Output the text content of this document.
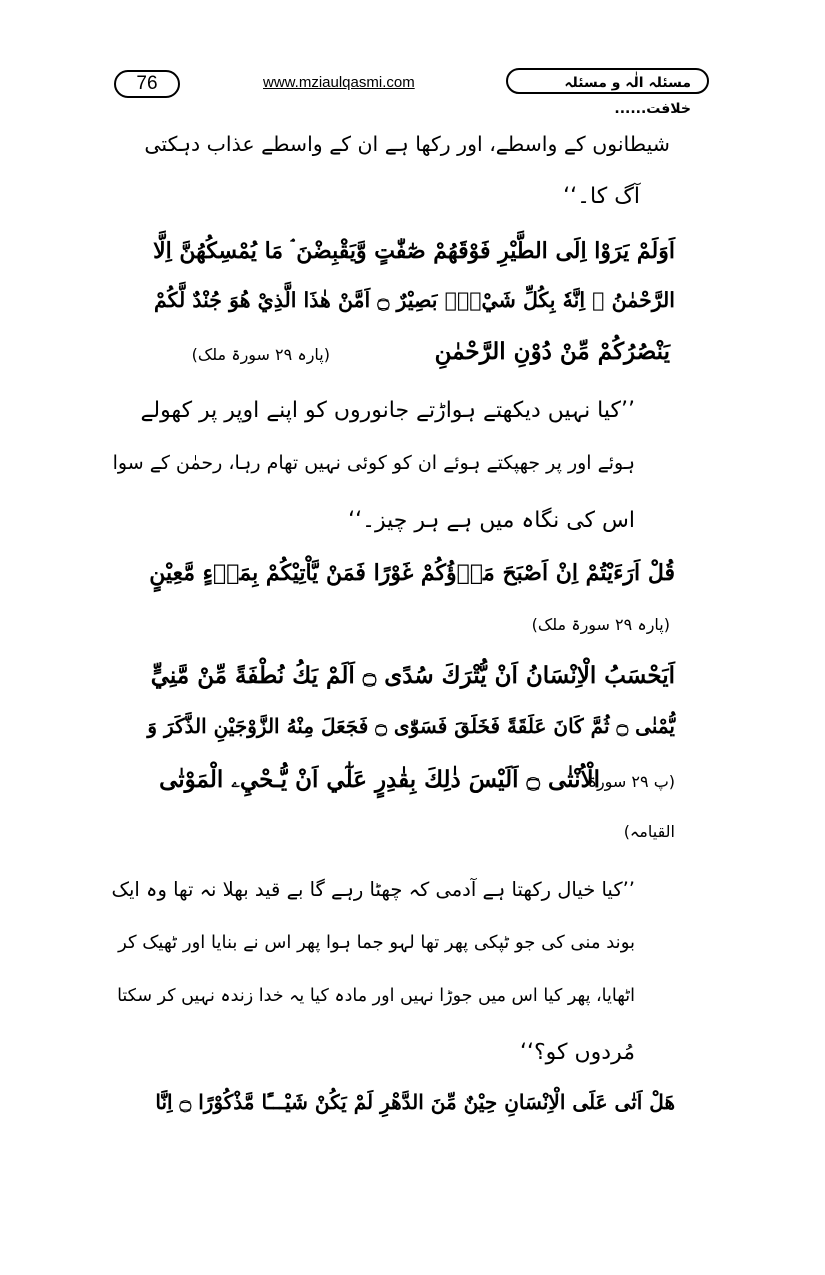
76	www.mziaulqasmi.com	مسئلہ الٰہ و مسئلہ خلافت......
شیطانوں کے واسطے، اور رکھا ہے ان کے واسطے عذاب دہکتی
آگ کا۔‘‘
اَوَلَمْ يَرَوْا اِلَى الطَّيْرِ فَوْقَهُمْ صٰٓفّٰتٍ وَّيَقْبِضْنَ ۘ مَا يُمْسِكُهُنَّ اِلَّا
الرَّحْمٰنُ ۭ اِنَّهٗ بِكُلِّ شَيْءٍۢ بَصِيْرٌ ۝ اَمَّنْ هٰذَا الَّذِيْ هُوَ جُنْدٌ لَّكُمْ
يَنْصُرُكُمْ مِّنْ دُوْنِ الرَّحْمٰنِ
(پارہ ۲۹ سورۃ ملک)
’’کیا نہیں دیکھتے ہواڑتے جانوروں کو اپنے اوپر پر کھولے
ہوئے اور پر جھپکتے ہوئے ان کو کوئی نہیں تھام رہا، رحمٰن کے سوا
اس کی نگاہ میں ہے ہر چیز۔‘‘
قُلْ اَرَءَيْتُمْ اِنْ اَصْبَحَ مَاۗؤُكُمْ غَوْرًا فَمَنْ يَّاْتِيْكُمْ بِمَاۗءٍ مَّعِيْنٍ
(پارہ ۲۹ سورۃ ملک)
اَيَحْسَبُ الْاِنْسَانُ اَنْ يُّتْرَكَ سُدًى ۝ اَلَمْ يَكُ نُطْفَةً مِّنْ مَّنِيٍّ
يُّمْنٰى ۝ ثُمَّ كَانَ عَلَقَةً فَخَلَقَ فَسَوّٰى ۝ فَجَعَلَ مِنْهُ الزَّوْجَيْنِ الذَّكَرَ وَ
الْاُنْثٰى ۝ اَلَيْسَ ذٰلِكَ بِقٰدِرٍ عَلٰٓي اَنْ يُّـحْيِۦ الْمَوْتٰى
(پ ۲۹ سورۃ
القیامہ)
’’کیا خیال رکھتا ہے آدمی کہ چھٹا رہے گا بے قید بھلا نہ تھا وہ ایک
بوند منی کی جو ٹپکی پھر تھا لہو جما ہوا پھر اس نے بنایا اور ٹھیک کر
اٹھایا، پھر کیا اس میں جوڑا نہیں اور مادہ کیا یہ خدا زندہ نہیں کر سکتا
مُردوں کو؟‘‘
هَلْ اَتٰى عَلَى الْاِنْسَانِ حِيْنٌ مِّنَ الدَّهْرِ لَمْ يَكُنْ شَيْـــًٔا مَّذْكُوْرًا ۝ اِنَّا
